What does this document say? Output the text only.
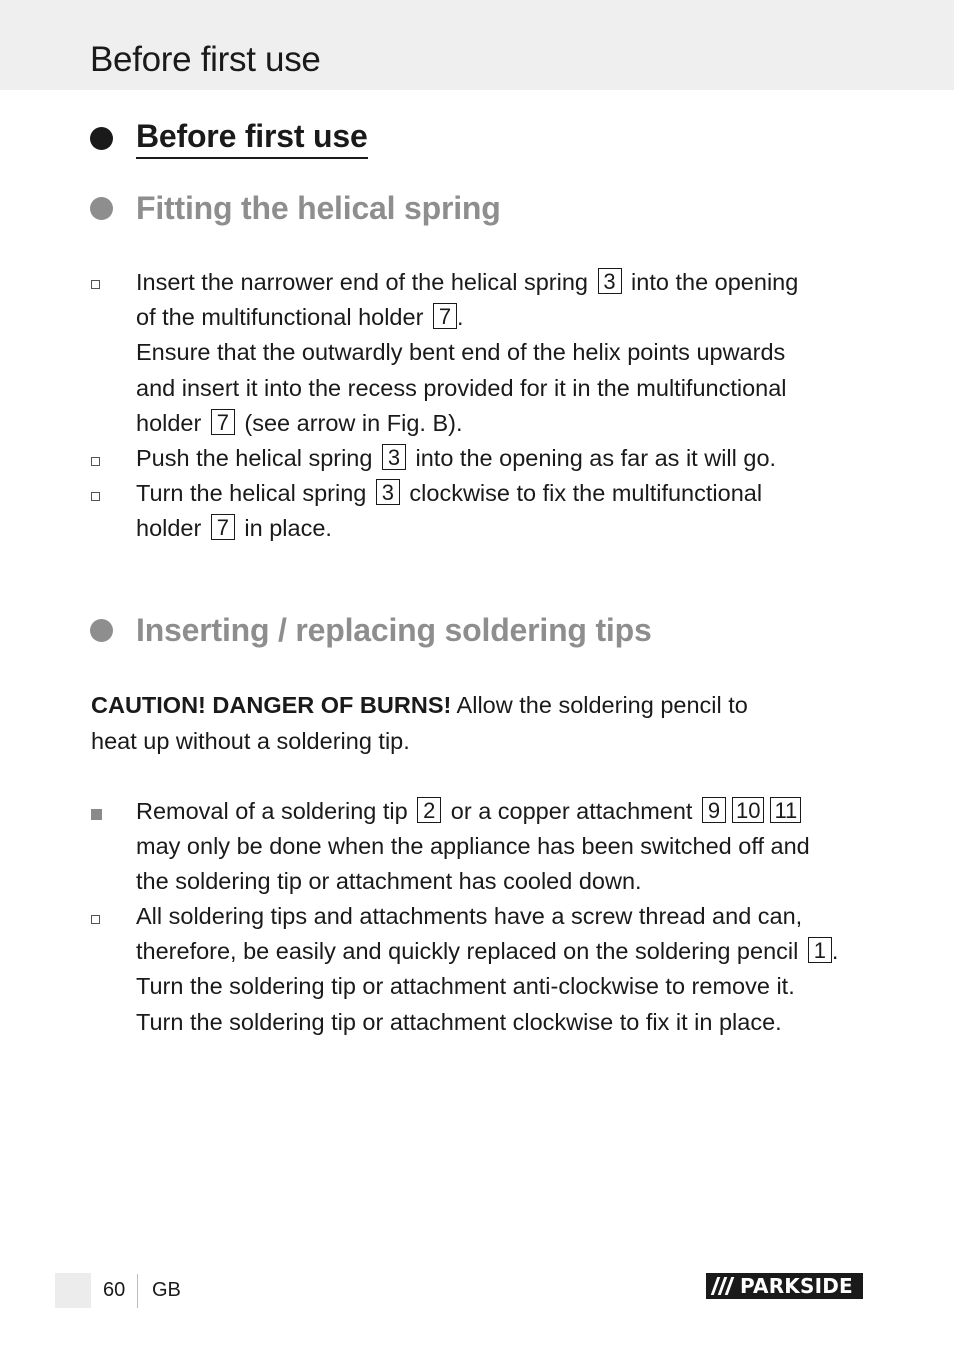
Before first use
Before first use
Fitting the helical spring
Insert the narrower end of the helical spring 3 into the opening
of the multifunctional holder 7 .
Ensure that the outwardly bent end of the helix points upwards
and insert it into the recess provided for it in the multifunctional
holder 7 (see arrow in Fig. B).
Push the helical spring 3 into the opening as far as it will go.
Turn the helical spring 3 clockwise to fix the multifunctional
holder 7 in place.
Inserting / replacing soldering tips
CAUTION! DANGER OF BURNS! Allow the soldering pencil to
heat up without a soldering tip.
Removal of a soldering tip 2 or a copper attachment 9 10 11
may only be done when the appliance has been switched off and
the soldering tip or attachment has cooled down.
All soldering tips and attachments have a screw thread and can,
therefore, be easily and quickly replaced on the soldering pencil 1 .
Turn the soldering tip or attachment anti-clockwise to remove it.
Turn the soldering tip or attachment clockwise to fix it in place.
60 GB	PARKSIDE
